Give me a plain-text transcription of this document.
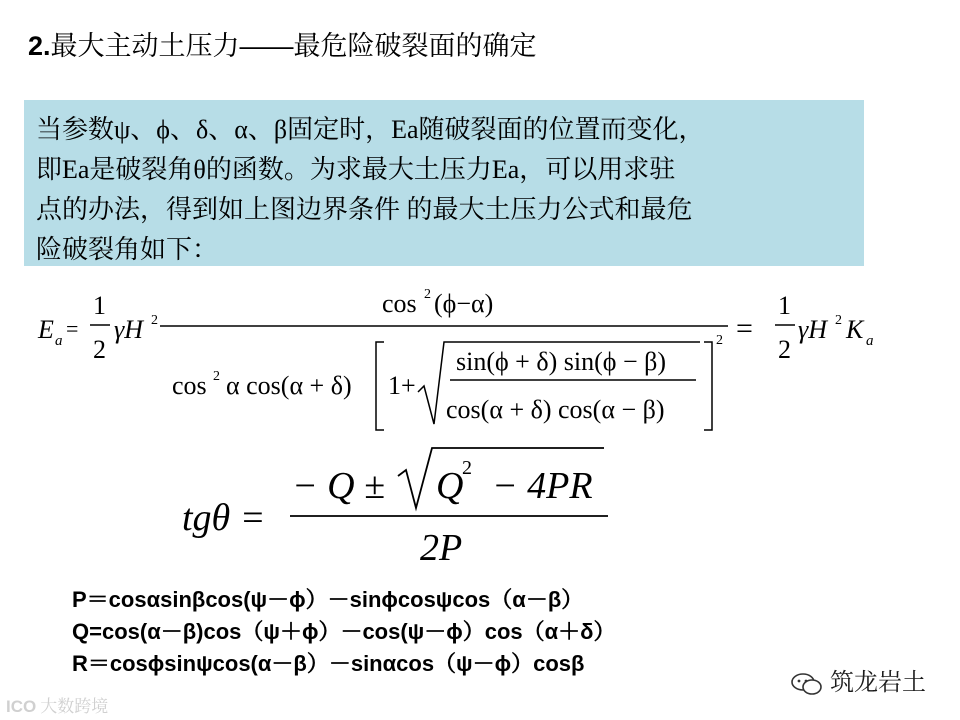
2.最大主动土压力——最危险破裂面的确定
当参数ψ、ϕ、δ、α、β固定时，Ea随破裂面的位置而变化，
即Ea是破裂角θ的函数。为求最大土压力Ea，可以用求驻
点的办法，得到如上图边界条件 的最大土压力公式和最危
险破裂角如下：
E a =
1
2
γH 2
cos 2 (ϕ−α)
cos 2 α cos(α + δ) 1+
sin(ϕ + δ) sin(ϕ − β)
cos(α + δ) cos(α − β)
2 =
1
2
γH 2 K a
tgθ =
− Q ± Q
2 − 4PR
2P
P＝cosαsinβcos(ψ－ϕ）－sinϕcosψcos（α－β）
Q=cos(α－β)cos（ψ＋ϕ）－cos(ψ－ϕ）cos（α＋δ）
R＝cosϕsinψcos(α－β）－sinαcos（ψ－ϕ）cosβ
ICO 大数跨境
筑龙岩土
